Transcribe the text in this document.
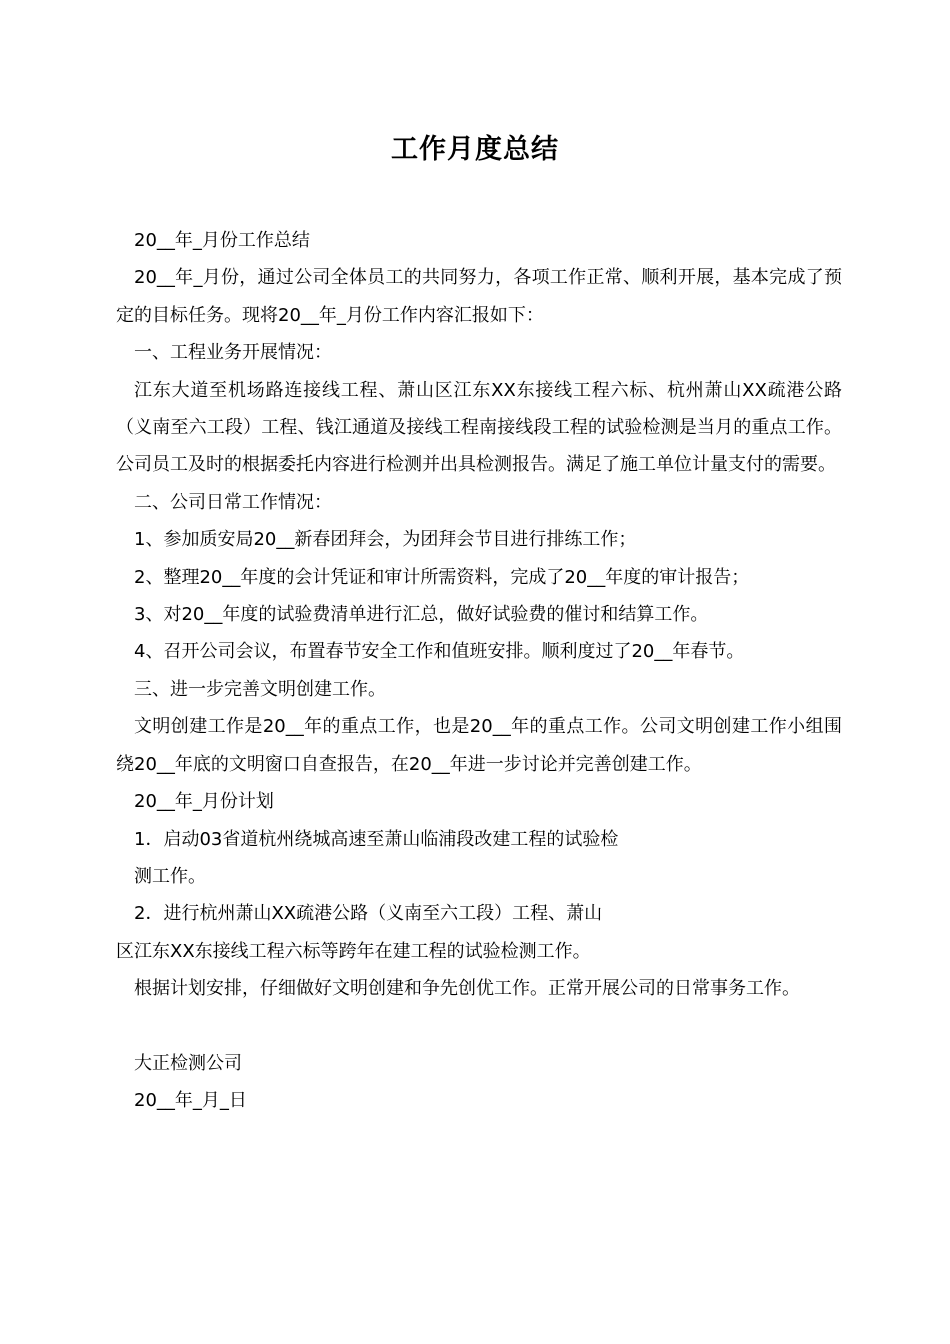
工作月度总结

20__年_月份工作总结

20__年_月份，通过公司全体员工的共同努力，各项工作正常、顺利开展，基本完成了预定的目标任务。现将20__年_月份工作内容汇报如下：

一、工程业务开展情况：

江东大道至机场路连接线工程、萧山区江东XX东接线工程六标、杭州萧山XX疏港公路（义南至六工段）工程、钱江通道及接线工程南接线段工程的试验检测是当月的重点工作。公司员工及时的根据委托内容进行检测并出具检测报告。满足了施工单位计量支付的需要。

二、公司日常工作情况：

1、参加质安局20__新春团拜会，为团拜会节目进行排练工作；

2、整理20__年度的会计凭证和审计所需资料，完成了20__年度的审计报告；

3、对20__年度的试验费清单进行汇总，做好试验费的催讨和结算工作。

4、召开公司会议，布置春节安全工作和值班安排。顺利度过了20__年春节。

三、进一步完善文明创建工作。

文明创建工作是20__年的重点工作，也是20__年的重点工作。公司文明创建工作小组围绕20__年底的文明窗口自查报告，在20__年进一步讨论并完善创建工作。

20__年_月份计划

1．启动03省道杭州绕城高速至萧山临浦段改建工程的试验检

测工作。

2．进行杭州萧山XX疏港公路（义南至六工段）工程、萧山

区江东XX东接线工程六标等跨年在建工程的试验检测工作。

根据计划安排，仔细做好文明创建和争先创优工作。正常开展公司的日常事务工作。

大正检测公司

20__年_月_日
